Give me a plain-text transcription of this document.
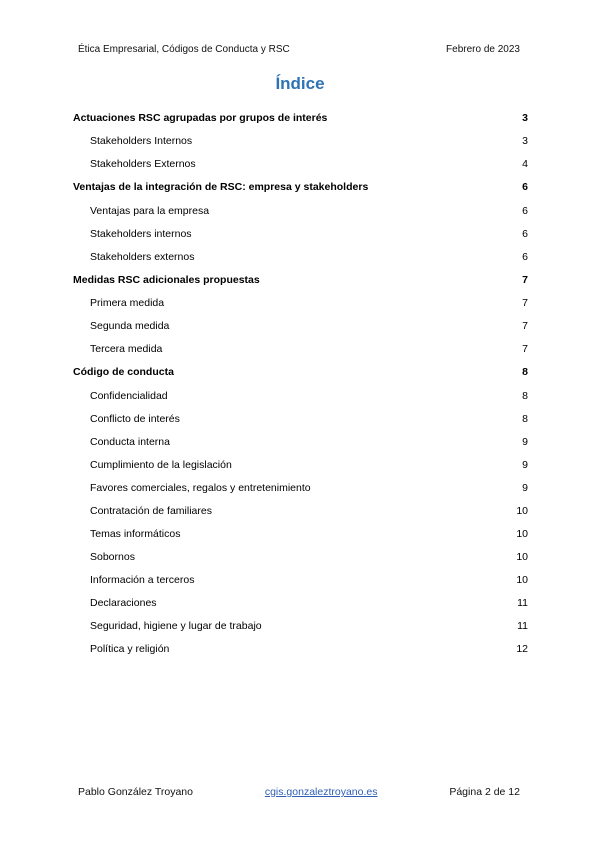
Ética Empresarial, Códigos de Conducta y RSC	Febrero de 2023
Índice
Actuaciones RSC agrupadas por grupos de interés	3
Stakeholders Internos	3
Stakeholders Externos	4
Ventajas de la integración de RSC: empresa y stakeholders	6
Ventajas para la empresa	6
Stakeholders internos	6
Stakeholders externos	6
Medidas RSC adicionales propuestas	7
Primera medida	7
Segunda medida	7
Tercera medida	7
Código de conducta	8
Confidencialidad	8
Conflicto de interés	8
Conducta interna	9
Cumplimiento de la legislación	9
Favores comerciales, regalos y entretenimiento	9
Contratación de familiares	10
Temas informáticos	10
Sobornos	10
Información a terceros	10
Declaraciones	11
Seguridad, higiene y lugar de trabajo	11
Política y religión	12
Pablo González Troyano	cgis.gonzaleztroyano.es	Página 2 de 12
